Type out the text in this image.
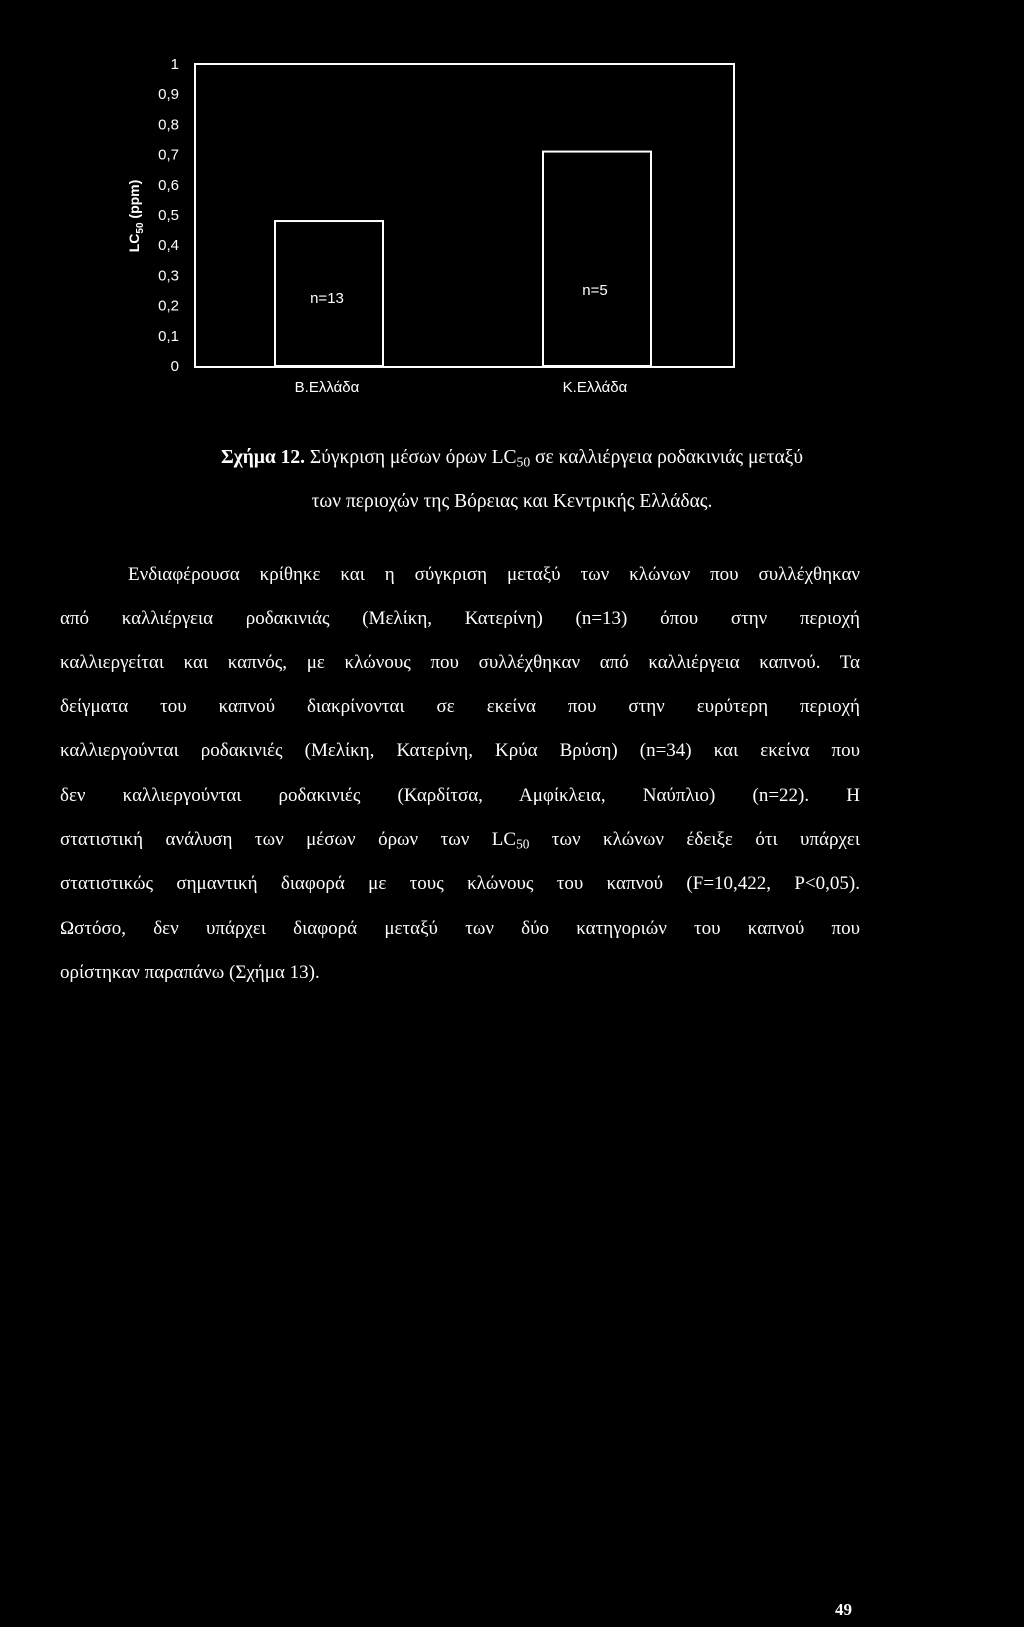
$LC_{50}$ (ppm)
0
0,1
0,2
0,3
0,4
0,5
0,6
0,7
0,8
0,9
1
n=13	n=5
Β.Ελλάδα	Κ.Ελλάδα
Σχήμα 12. Σύγκριση μέσων όρων $LC_{50}$ σε καλλιέργεια ροδακινιάς μεταξύ
των περιοχών της Βόρειας και Κεντρικής Ελλάδας.
Ενδιαφέρουσα κρίθηκε και η σύγκριση μεταξύ των κλώνων που συλλέχθηκαν
από καλλιέργεια ροδακινιάς (Μελίκη, Κατερίνη) (n=13) όπου στην περιοχή
καλλιεργείται και καπνός, με κλώνους που συλλέχθηκαν από καλλιέργεια καπνού. Τα
δείγματα του καπνού διακρίνονται σε εκείνα που στην ευρύτερη περιοχή
καλλιεργούνται ροδακινιές (Μελίκη, Κατερίνη, Κρύα Βρύση) (n=34) και εκείνα που
δεν καλλιεργούνται ροδακινιές (Καρδίτσα, Αμφίκλεια, Ναύπλιο) (n=22). Η
στατιστική ανάλυση των μέσων όρων των $LC_{50}$ των κλώνων έδειξε ότι υπάρχει
στατιστικώς σημαντική διαφορά με τους κλώνους του καπνού (F=10,422, P<0,05).
Ωστόσο, δεν υπάρχει διαφορά μεταξύ των δύο κατηγοριών του καπνού που
ορίστηκαν παραπάνω (Σχήμα 13).
49
